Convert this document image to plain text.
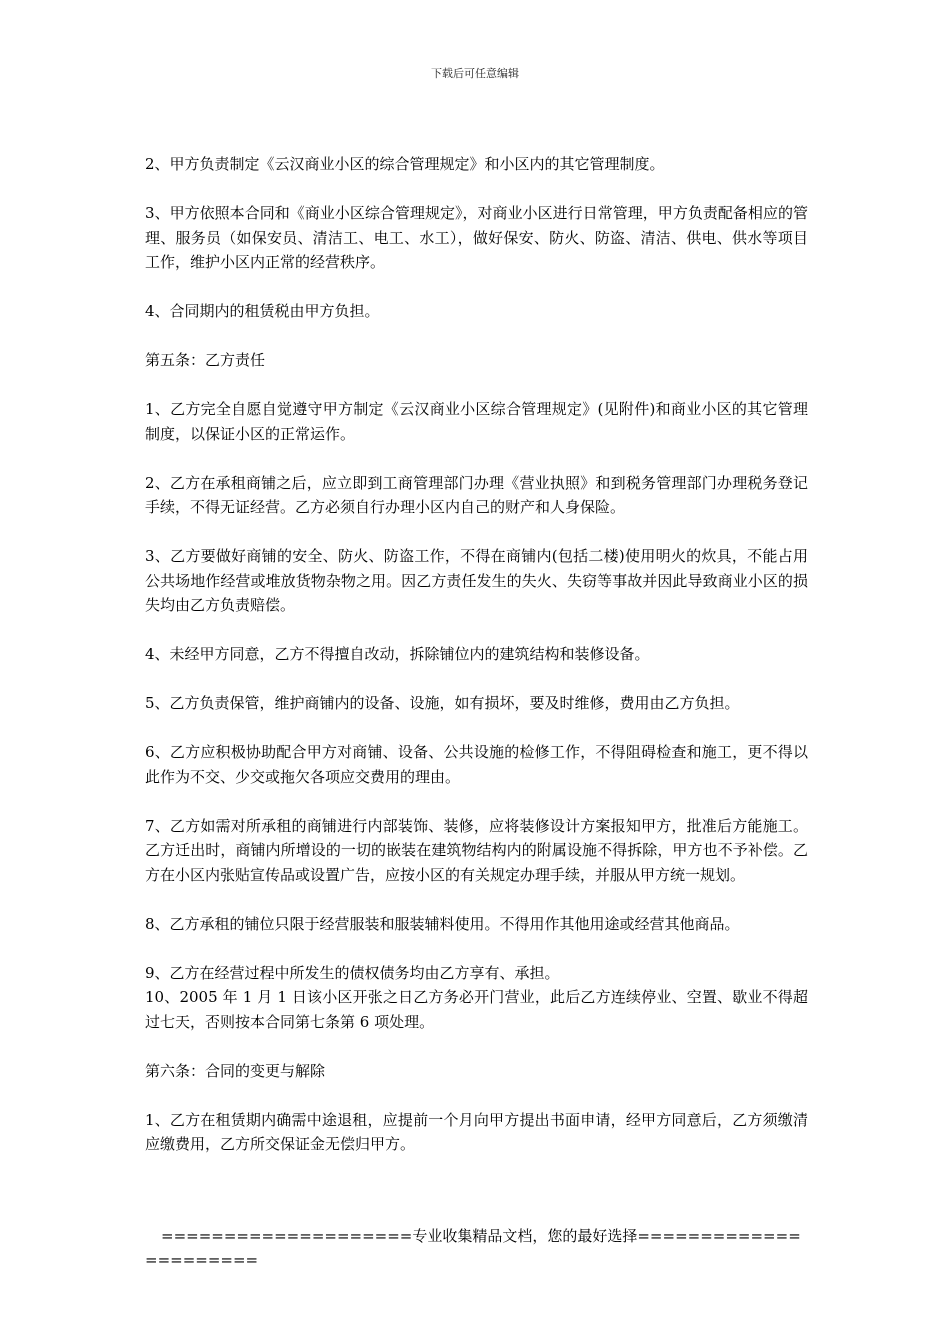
下载后可任意编辑

2、甲方负责制定《云汉商业小区的综合管理规定》和小区内的其它管理制度。

3、甲方依照本合同和《商业小区综合管理规定》，对商业小区进行日常管理，甲方负责配备相应的管理、服务员（如保安员、清洁工、电工、水工），做好保安、防火、防盗、清洁、供电、供水等项目工作，维护小区内正常的经营秩序。

4、合同期内的租赁税由甲方负担。

第五条：乙方责任

1、乙方完全自愿自觉遵守甲方制定《云汉商业小区综合管理规定》(见附件)和商业小区的其它管理制度，以保证小区的正常运作。

2、乙方在承租商铺之后，应立即到工商管理部门办理《营业执照》和到税务管理部门办理税务登记手续，不得无证经营。乙方必须自行办理小区内自己的财产和人身保险。

3、乙方要做好商铺的安全、防火、防盗工作，不得在商铺内(包括二楼)使用明火的炊具，不能占用公共场地作经营或堆放货物杂物之用。因乙方责任发生的失火、失窃等事故并因此导致商业小区的损失均由乙方负责赔偿。

4、未经甲方同意，乙方不得擅自改动，拆除铺位内的建筑结构和装修设备。

5、乙方负责保管，维护商铺内的设备、设施，如有损坏，要及时维修，费用由乙方负担。

6、乙方应积极协助配合甲方对商铺、设备、公共设施的检修工作，不得阻碍检查和施工，更不得以此作为不交、少交或拖欠各项应交费用的理由。

7、乙方如需对所承租的商铺进行内部装饰、装修，应将装修设计方案报知甲方，批准后方能施工。乙方迁出时，商铺内所增设的一切的嵌装在建筑物结构内的附属设施不得拆除，甲方也不予补偿。乙方在小区内张贴宣传品或设置广告，应按小区的有关规定办理手续，并服从甲方统一规划。

8、乙方承租的铺位只限于经营服装和服装辅料使用。不得用作其他用途或经营其他商品。

9、乙方在经营过程中所发生的债权债务均由乙方享有、承担。

10、2005 年 1 月 1 日该小区开张之日乙方务必开门营业，此后乙方连续停业、空置、歇业不得超过七天，否则按本合同第七条第 6 项处理。

第六条：合同的变更与解除

1、乙方在租赁期内确需中途退租，应提前一个月向甲方提出书面申请，经甲方同意后，乙方须缴清应缴费用，乙方所交保证金无偿归甲方。

====================专业收集精品文档，您的最好选择======================
